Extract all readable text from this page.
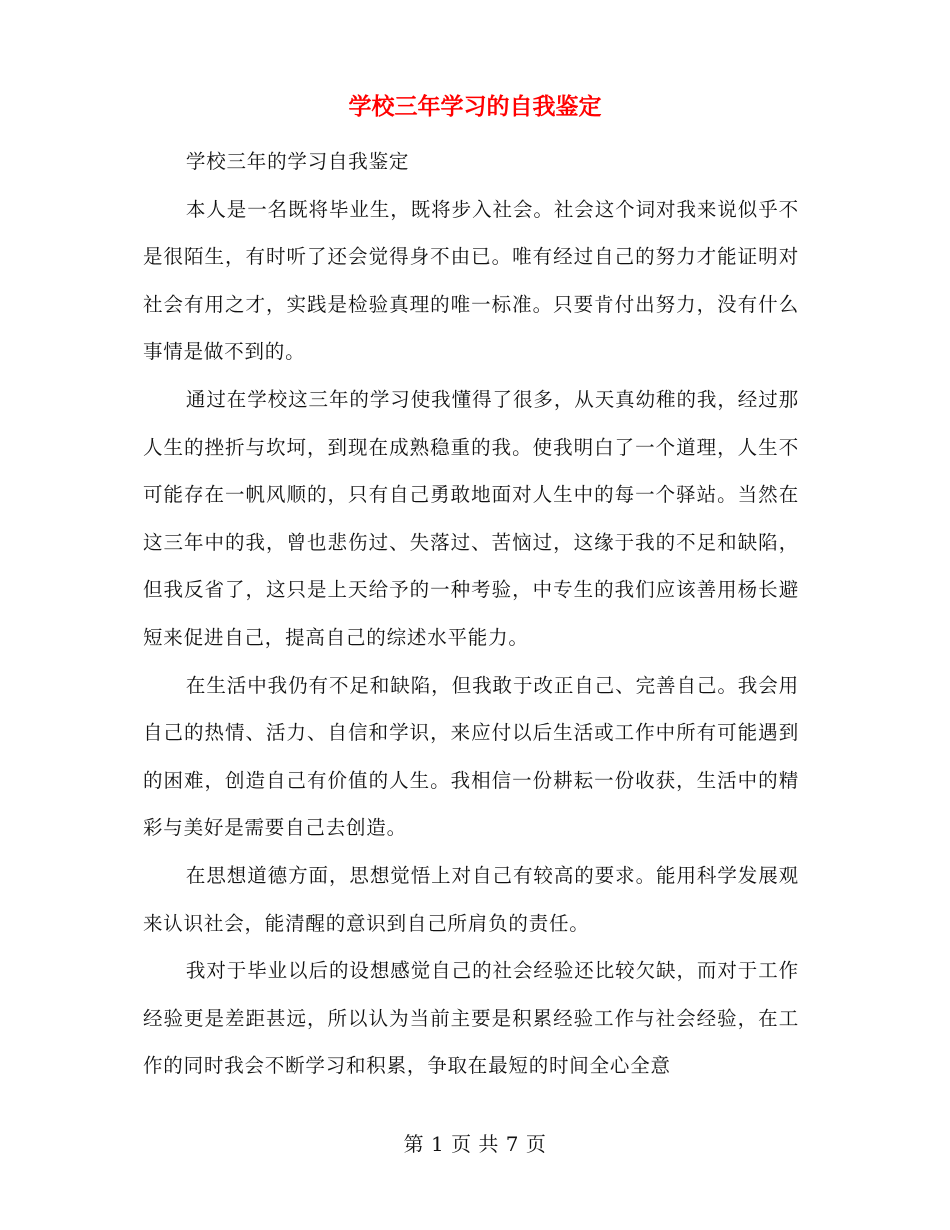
学校三年学习的自我鉴定

学校三年的学习自我鉴定

本人是一名既将毕业生，既将步入社会。社会这个词对我来说似乎不是很陌生，有时听了还会觉得身不由已。唯有经过自己的努力才能证明对社会有用之才，实践是检验真理的唯一标准。只要肯付出努力，没有什么事情是做不到的。

通过在学校这三年的学习使我懂得了很多，从天真幼稚的我，经过那人生的挫折与坎坷，到现在成熟稳重的我。使我明白了一个道理，人生不可能存在一帆风顺的，只有自己勇敢地面对人生中的每一个驿站。当然在这三年中的我，曾也悲伤过、失落过、苦恼过，这缘于我的不足和缺陷，但我反省了，这只是上天给予的一种考验，中专生的我们应该善用杨长避短来促进自己，提高自己的综述水平能力。

在生活中我仍有不足和缺陷，但我敢于改正自己、完善自己。我会用自己的热情、活力、自信和学识，来应付以后生活或工作中所有可能遇到的困难，创造自己有价值的人生。我相信一份耕耘一份收获，生活中的精彩与美好是需要自己去创造。

在思想道德方面，思想觉悟上对自己有较高的要求。能用科学发展观来认识社会，能清醒的意识到自己所肩负的责任。

我对于毕业以后的设想感觉自己的社会经验还比较欠缺，而对于工作经验更是差距甚远，所以认为当前主要是积累经验工作与社会经验，在工作的同时我会不断学习和积累，争取在最短的时间全心全意

第 1 页 共 7 页
